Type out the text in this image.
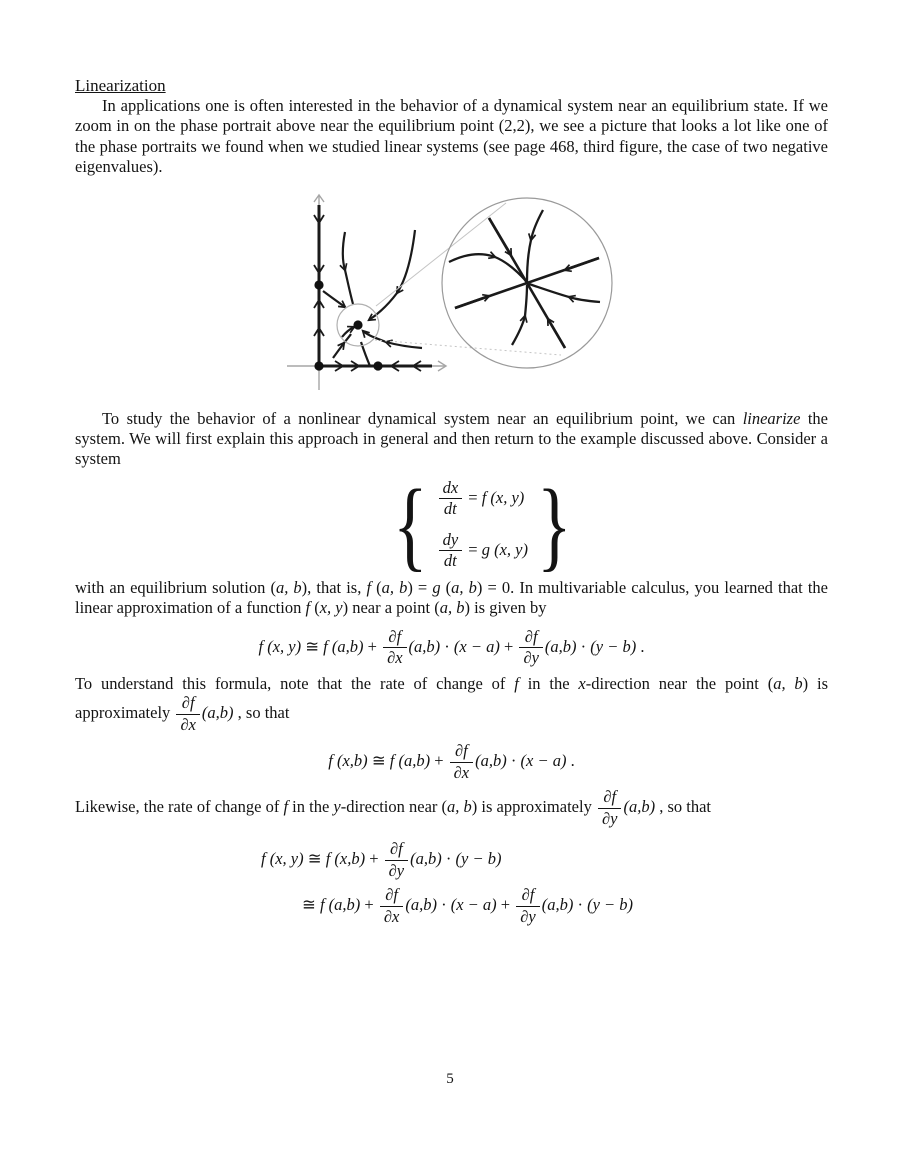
Linearization

In applications one is often interested in the behavior of a dynamical system near an equilibrium state. If we zoom in on the phase portrait above near the equilibrium point (2,2), we see a picture that looks a lot like one of the phase portraits we found when we studied linear systems (see page 468, third figure, the case of two negative eigenvalues).

To study the behavior of a nonlinear dynamical system near an equilibrium point, we can linearize the system. We will first explain this approach in general and then return to the example discussed above. Consider a system

{ $\frac{dx}{dt} = f$ (x, y)
$\frac{dy}{dt} = g$ (x, y) }

with an equilibrium solution (a, b), that is, f (a, b) = g (a, b) = 0. In multivariable calculus, you learned that the linear approximation of a function f (x, y) near a point (a, b) is given by

f (x, y) ≅ f $(a,b) + \frac{\partial f}{\partial x} (a,b) \cdot (x - a) + \frac{\partial f}{\partial y} (a,b) \cdot (y - b)$ .

To understand this formula, note that the rate of change of f in the x-direction near the point (a, b) is approximately $\frac{\partial f}{\partial x} (a,b)$ , so that

f (x,b) ≅ f $(a,b) + \frac{\partial f}{\partial x} (a,b) \cdot (x - a)$ .

Likewise, the rate of change of f in the y-direction near (a, b) is approximately $\frac{\partial f}{\partial y} (a,b)$ , so that

f (x, y) ≅ f $(x,b) + \frac{\partial f}{\partial y} (a,b) \cdot (y - b)$
≅ f $(a,b) + \frac{\partial f}{\partial x} (a,b) \cdot (x - a) + \frac{\partial f}{\partial y} (a,b) \cdot (y - b)$
5
